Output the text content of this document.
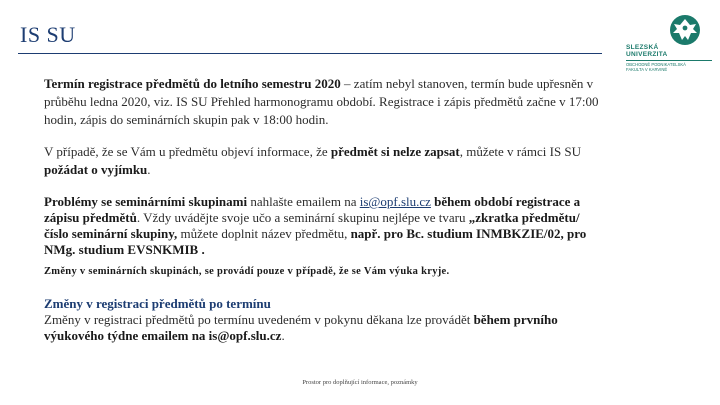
IS SU
SLEZSKÁ
UNIVERZITA
OBCHODNĚ PODNIKATELSKÁ
FAKULTA V KARVINÉ

Termín registrace předmětů do letního semestru 2020 – zatím nebyl stanoven, termín bude upřesněn v průběhu ledna 2020, viz. IS SU Přehled harmonogramu období. Registrace i zápis předmětů začne v 17:00 hodin, zápis do seminárních skupin pak v 18:00 hodin.

V případě, že se Vám u předmětu objeví informace, že předmět si nelze zapsat, můžete v rámci IS SU požádat o vyjímku.

Problémy se seminárními skupinami nahlašte emailem na is@opf.slu.cz během období registrace a zápisu předmětů. Vždy uvádějte svoje učo a seminární skupinu nejlépe ve tvaru „zkratka předmětu/číslo seminární skupiny, můžete doplnit název předmětu, např. pro Bc. studium INMBKZIE/02, pro NMg. studium EVSNKMIB .

Změny v seminárních skupinách, se provádí pouze v případě, že se Vám výuka kryje.

Změny v registraci předmětů po termínu

Změny v registraci předmětů po termínu uvedeném v pokynu děkana lze provádět během prvního výukového týdne emailem na is@opf.slu.cz.

Prostor pro doplňující informace, poznámky
